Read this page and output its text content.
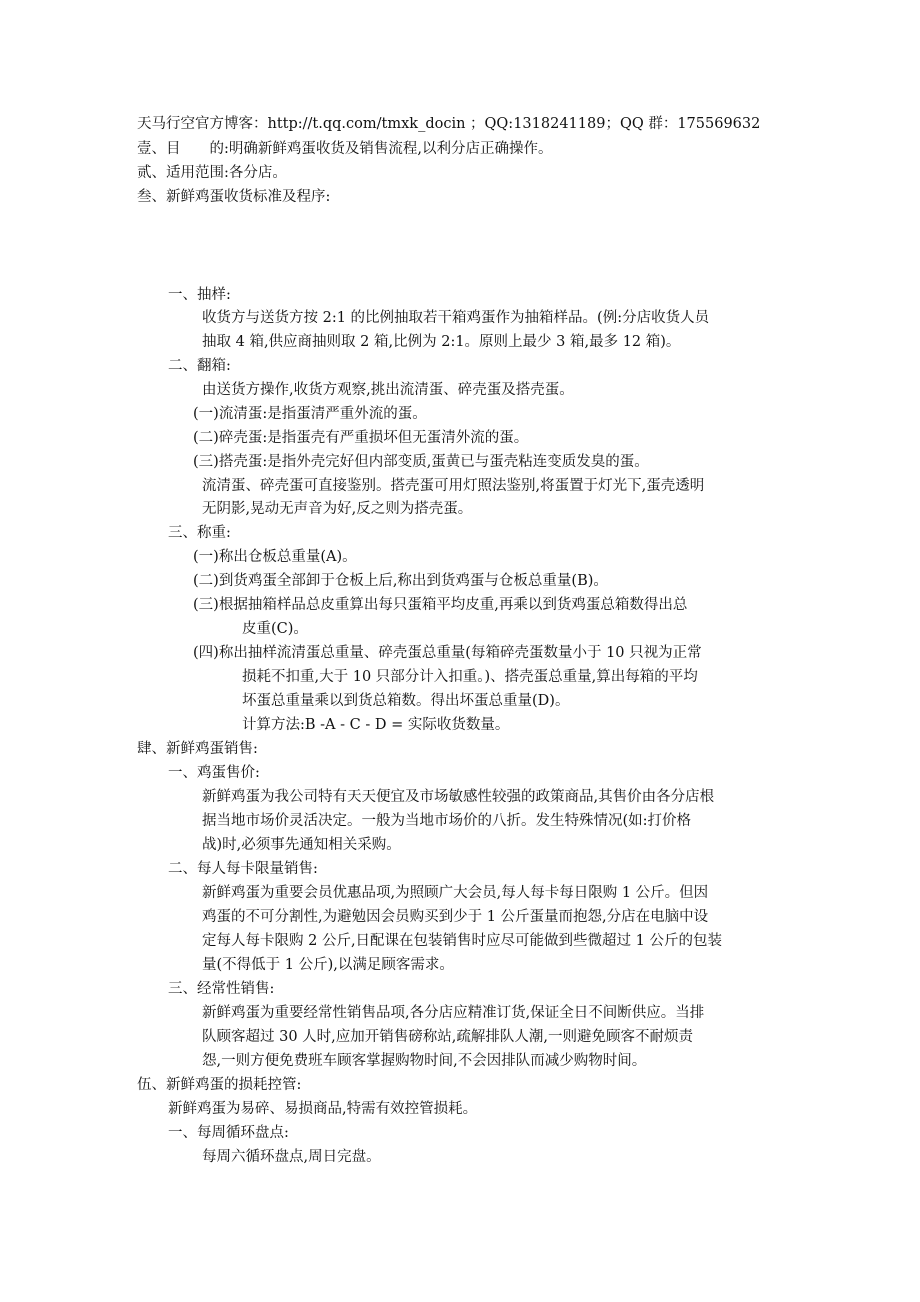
天马行空官方博客：http://t.qq.com/tmxk_docin ；QQ:1318241189；QQ 群：175569632
壹、目　　的:明确新鲜鸡蛋收货及销售流程,以利分店正确操作。
贰、适用范围:各分店。
叁、新鲜鸡蛋收货标准及程序:
一、抽样:
收货方与送货方按 2:1 的比例抽取若干箱鸡蛋作为抽箱样品。(例:分店收货人员
抽取 4 箱,供应商抽则取 2 箱,比例为 2:1。原则上最少 3 箱,最多 12 箱)。
二、翻箱:
由送货方操作,收货方观察,挑出流清蛋、碎壳蛋及搭壳蛋。
(一)流清蛋:是指蛋清严重外流的蛋。
(二)碎壳蛋:是指蛋壳有严重损坏但无蛋清外流的蛋。
(三)搭壳蛋:是指外壳完好但内部变质,蛋黄已与蛋壳粘连变质发臭的蛋。
流清蛋、碎壳蛋可直接鉴别。搭壳蛋可用灯照法鉴别,将蛋置于灯光下,蛋壳透明
无阴影,晃动无声音为好,反之则为搭壳蛋。
三、称重:
(一)称出仓板总重量(A)。
(二)到货鸡蛋全部卸于仓板上后,称出到货鸡蛋与仓板总重量(B)。
(三)根据抽箱样品总皮重算出每只蛋箱平均皮重,再乘以到货鸡蛋总箱数得出总
皮重(C)。
(四)称出抽样流清蛋总重量、碎壳蛋总重量(每箱碎壳蛋数量小于 10 只视为正常
损耗不扣重,大于 10 只部分计入扣重。)、搭壳蛋总重量,算出每箱的平均
坏蛋总重量乘以到货总箱数。得出坏蛋总重量(D)。
计算方法:B -A - C - D = 实际收货数量。
肆、新鲜鸡蛋销售:
一、鸡蛋售价:
新鲜鸡蛋为我公司特有天天便宜及市场敏感性较强的政策商品,其售价由各分店根
据当地市场价灵活决定。一般为当地市场价的八折。发生特殊情况(如:打价格
战)时,必须事先通知相关采购。
二、每人每卡限量销售:
新鲜鸡蛋为重要会员优惠品项,为照顾广大会员,每人每卡每日限购 1 公斤。但因
鸡蛋的不可分割性,为避勉因会员购买到少于 1 公斤蛋量而抱怨,分店在电脑中设
定每人每卡限购 2 公斤,日配课在包装销售时应尽可能做到些微超过 1 公斤的包装
量(不得低于 1 公斤),以满足顾客需求。
三、经常性销售:
新鲜鸡蛋为重要经常性销售品项,各分店应精准订货,保证全日不间断供应。当排
队顾客超过 30 人时,应加开销售磅称站,疏解排队人潮,一则避免顾客不耐烦责
怨,一则方便免费班车顾客掌握购物时间,不会因排队而减少购物时间。
伍、新鲜鸡蛋的损耗控管:
新鲜鸡蛋为易碎、易损商品,特需有效控管损耗。
一、每周循环盘点:
每周六循环盘点,周日完盘。
